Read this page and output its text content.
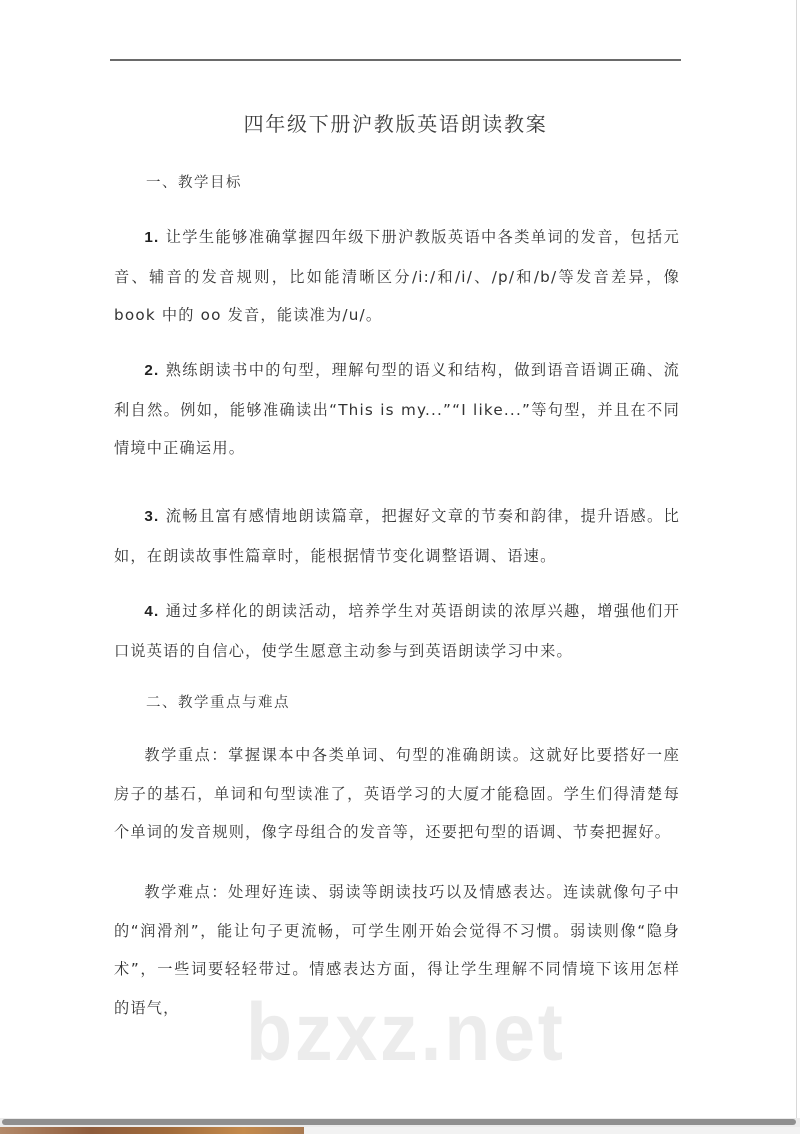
四年级下册沪教版英语朗读教案
一、教学目标

1. 让学生能够准确掌握四年级下册沪教版英语中各类单词的发音，包括元音、辅音的发音规则，比如能清晰区分/i:/和/i/、/p/和/b/等发音差异，像 book 中的 oo 发音，能读准为/u/。

2. 熟练朗读书中的句型，理解句型的语义和结构，做到语音语调正确、流利自然。例如，能够准确读出“This is my...”“I like...”等句型，并且在不同情境中正确运用。

3. 流畅且富有感情地朗读篇章，把握好文章的节奏和韵律，提升语感。比如，在朗读故事性篇章时，能根据情节变化调整语调、语速。

4. 通过多样化的朗读活动，培养学生对英语朗读的浓厚兴趣，增强他们开口说英语的自信心，使学生愿意主动参与到英语朗读学习中来。

二、教学重点与难点

教学重点：掌握课本中各类单词、句型的准确朗读。这就好比要搭好一座房子的基石，单词和句型读准了，英语学习的大厦才能稳固。学生们得清楚每个单词的发音规则，像字母组合的发音等，还要把句型的语调、节奏把握好。

教学难点：处理好连读、弱读等朗读技巧以及情感表达。连读就像句子中的“润滑剂”，能让句子更流畅，可学生刚开始会觉得不习惯。弱读则像“隐身术”，一些词要轻轻带过。情感表达方面，得让学生理解不同情境下该用怎样的语气， bzxz.net
